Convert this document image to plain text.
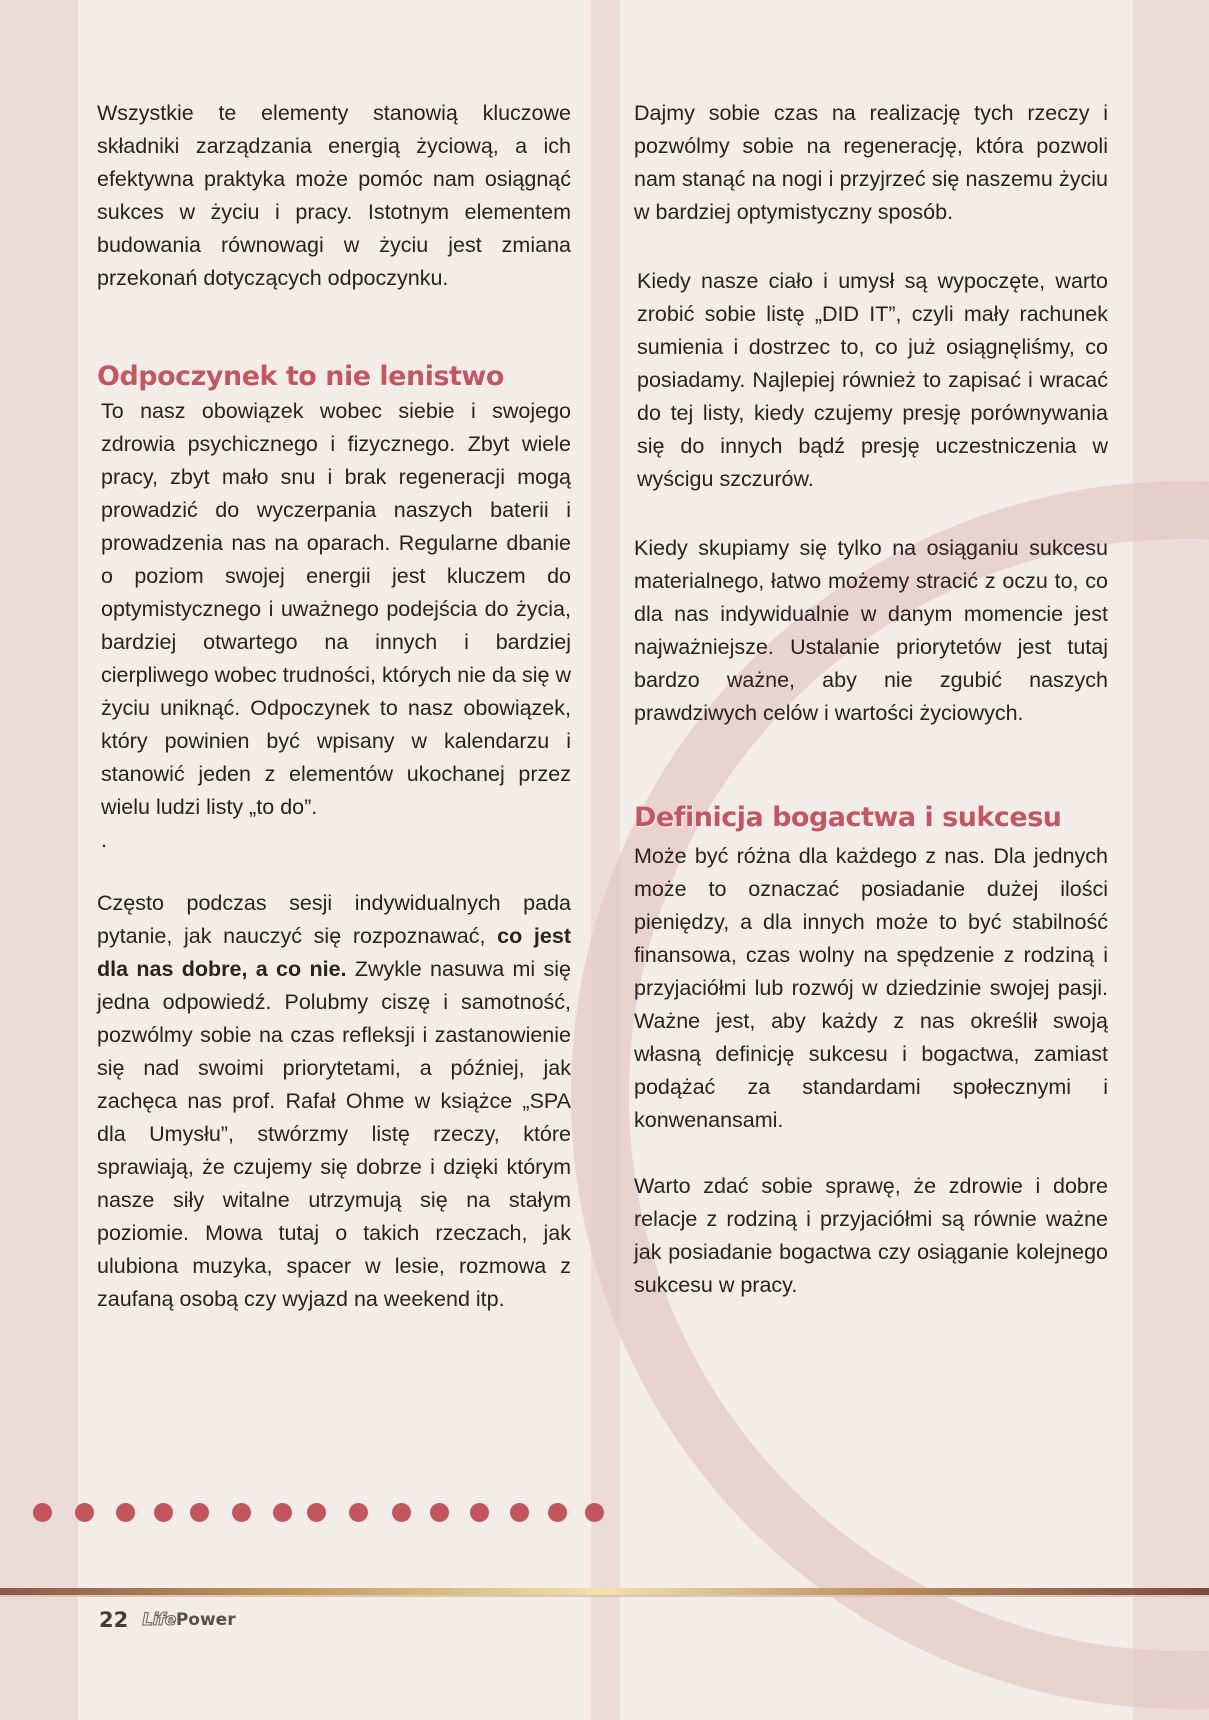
Wszystkie te elementy stanowią kluczowe składniki zarządzania energią życiową, a ich efektywna praktyka może pomóc nam osiągnąć sukces w życiu i pracy. Istotnym elementem budowania równowagi w życiu jest zmiana przekonań dotyczących odpoczynku.

Odpoczynek to nie lenistwo

To nasz obowiązek wobec siebie i swojego zdrowia psychicznego i fizycznego. Zbyt wiele pracy, zbyt mało snu i brak regeneracji mogą prowadzić do wyczerpania naszych baterii i prowadzenia nas na oparach. Regularne dbanie o poziom swojej energii jest kluczem do optymistycznego i uważnego podejścia do życia, bardziej otwartego na innych i bardziej cierpliwego wobec trudności, których nie da się w życiu uniknąć. Odpoczynek to nasz obowiązek, który powinien być wpisany w kalendarzu i stanowić jeden z elementów ukochanej przez wielu ludzi listy „to do”.

.

Często podczas sesji indywidualnych pada pytanie, jak nauczyć się rozpoznawać, co jest dla nas dobre, a co nie. Zwykle nasuwa mi się jedna odpowiedź. Polubmy ciszę i samotność, pozwólmy sobie na czas refleksji i zastanowienie się nad swoimi priorytetami, a później, jak zachęca nas prof. Rafał Ohme w książce „SPA dla Umysłu”, stwórzmy listę rzeczy, które sprawiają, że czujemy się dobrze i dzięki którym nasze siły witalne utrzymują się na stałym poziomie. Mowa tutaj o takich rzeczach, jak ulubiona muzyka, spacer w lesie, rozmowa z zaufaną osobą czy wyjazd na weekend itp.

Dajmy sobie czas na realizację tych rzeczy i pozwólmy sobie na regenerację, która pozwoli nam stanąć na nogi i przyjrzeć się naszemu życiu w bardziej optymistyczny sposób.

Kiedy nasze ciało i umysł są wypoczęte, warto zrobić sobie listę „DID IT”, czyli mały rachunek sumienia i dostrzec to, co już osiągnęliśmy, co posiadamy. Najlepiej również to zapisać i wracać do tej listy, kiedy czujemy presję porównywania się do innych bądź presję uczestniczenia w wyścigu szczurów.

Kiedy skupiamy się tylko na osiąganiu sukcesu materialnego, łatwo możemy stracić z oczu to, co dla nas indywidualnie w danym momencie jest najważniejsze. Ustalanie priorytetów jest tutaj bardzo ważne, aby nie zgubić naszych prawdziwych celów i wartości życiowych.

Definicja bogactwa i sukcesu

Może być różna dla każdego z nas. Dla jednych może to oznaczać posiadanie dużej ilości pieniędzy, a dla innych może to być stabilność finansowa, czas wolny na spędzenie z rodziną i przyjaciółmi lub rozwój w dziedzinie swojej pasji. Ważne jest, aby każdy z nas określił swoją własną definicję sukcesu i bogactwa, zamiast podążać za standardami społecznymi i konwenansami.

Warto zdać sobie sprawę, że zdrowie i dobre relacje z rodziną i przyjaciółmi są równie ważne jak posiadanie bogactwa czy osiąganie kolejnego sukcesu w pracy.

22 Life Power
